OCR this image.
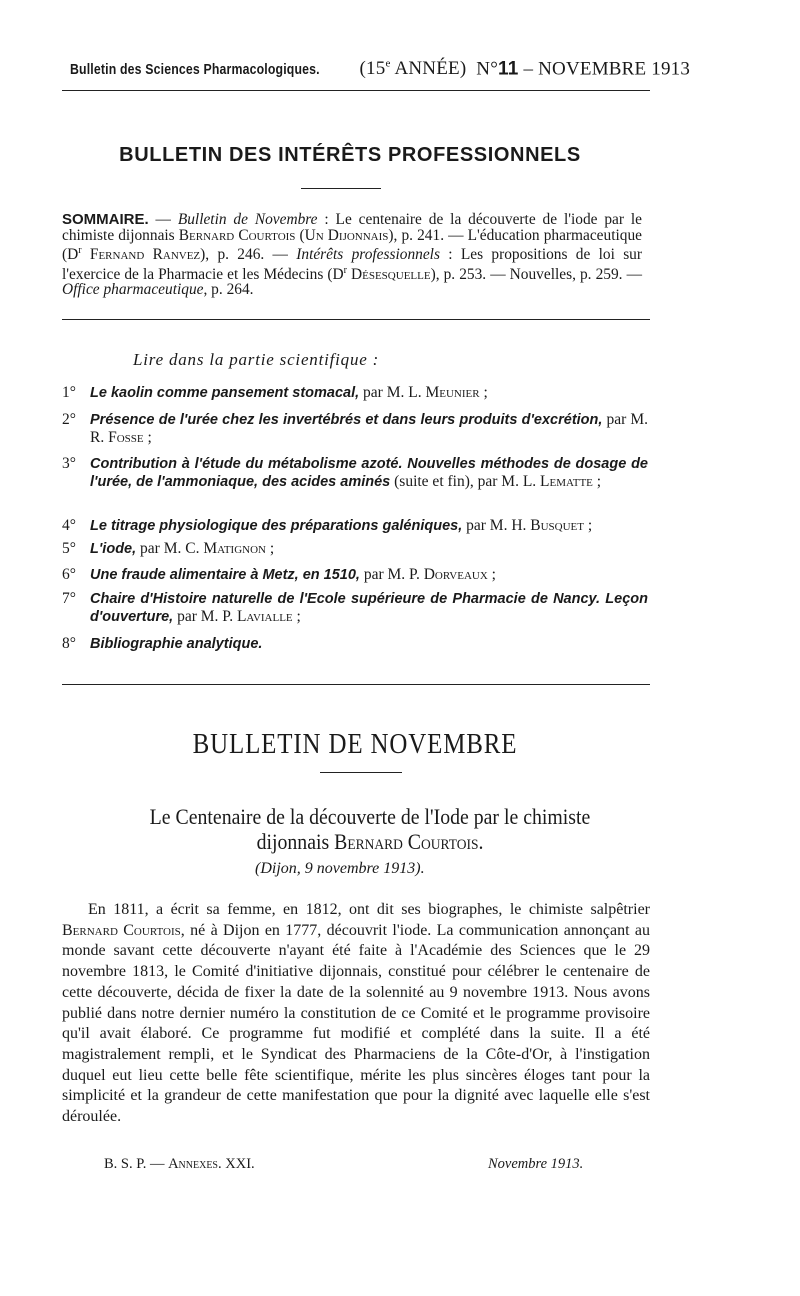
Bulletin des Sciences Pharmacologiques. (15e ANNÉE) N°11 – NOVEMBRE 1913
BULLETIN DES INTÉRÊTS PROFESSIONNELS
SOMMAIRE. — Bulletin de Novembre : Le centenaire de la découverte de l'iode par le chimiste dijonnais Bernard Courtois (Un Dijonnais), p. 241. — L'éducation pharmaceutique ($D^r$ Fernand Ranvez), p. 246. — Intérêts professionnels : Les propositions de loi sur l'exercice de la Pharmacie et les Médecins ($D^r$ Désesquelle), p. 253. — Nouvelles, p. 259. — Office pharmaceutique, p. 264.
Lire dans la partie scientifique :
1° Le kaolin comme pansement stomacal, par M. L. Meunier ;
2° Présence de l'urée chez les invertébrés et dans leurs produits d'excrétion, par M. R. Fosse ;
3° Contribution à l'étude du métabolisme azoté. Nouvelles méthodes de dosage de l'urée, de l'ammoniaque, des acides aminés (suite et fin), par M. L. Lematte ;
4° Le titrage physiologique des préparations galéniques, par M. H. Busquet ;
5° L'iode, par M. C. Matignon ;
6° Une fraude alimentaire à Metz, en 1510, par M. P. Dorveaux ;
7° Chaire d'Histoire naturelle de l'Ecole supérieure de Pharmacie de Nancy. Leçon d'ouverture, par M. P. Lavialle ;
8° Bibliographie analytique.
BULLETIN DE NOVEMBRE
Le Centenaire de la découverte de l'Iode par le chimiste
dijonnais Bernard Courtois.
(Dijon, 9 novembre 1913).
En 1811, a écrit sa femme, en 1812, ont dit ses biographes, le chimiste salpêtrier Bernard Courtois, né à Dijon en 1777, découvrit l'iode. La communication annonçant au monde savant cette découverte n'ayant été faite à l'Académie des Sciences que le 29 novembre 1813, le Comité d'initiative dijonnais, constitué pour célébrer le centenaire de cette découverte, décida de fixer la date de la solennité au 9 novembre 1913. Nous avons publié dans notre dernier numéro la constitution de ce Comité et le programme provisoire qu'il avait élaboré. Ce programme fut modifié et complété dans la suite. Il a été magistralement rempli, et le Syndicat des Pharmaciens de la Côte-d'Or, à l'instigation duquel eut lieu cette belle fête scientifique, mérite les plus sincères éloges tant pour la simplicité et la grandeur de cette manifestation que pour la dignité avec laquelle elle s'est déroulée.
B. S. P. — Annexes. XXI.	Novembre 1913.
